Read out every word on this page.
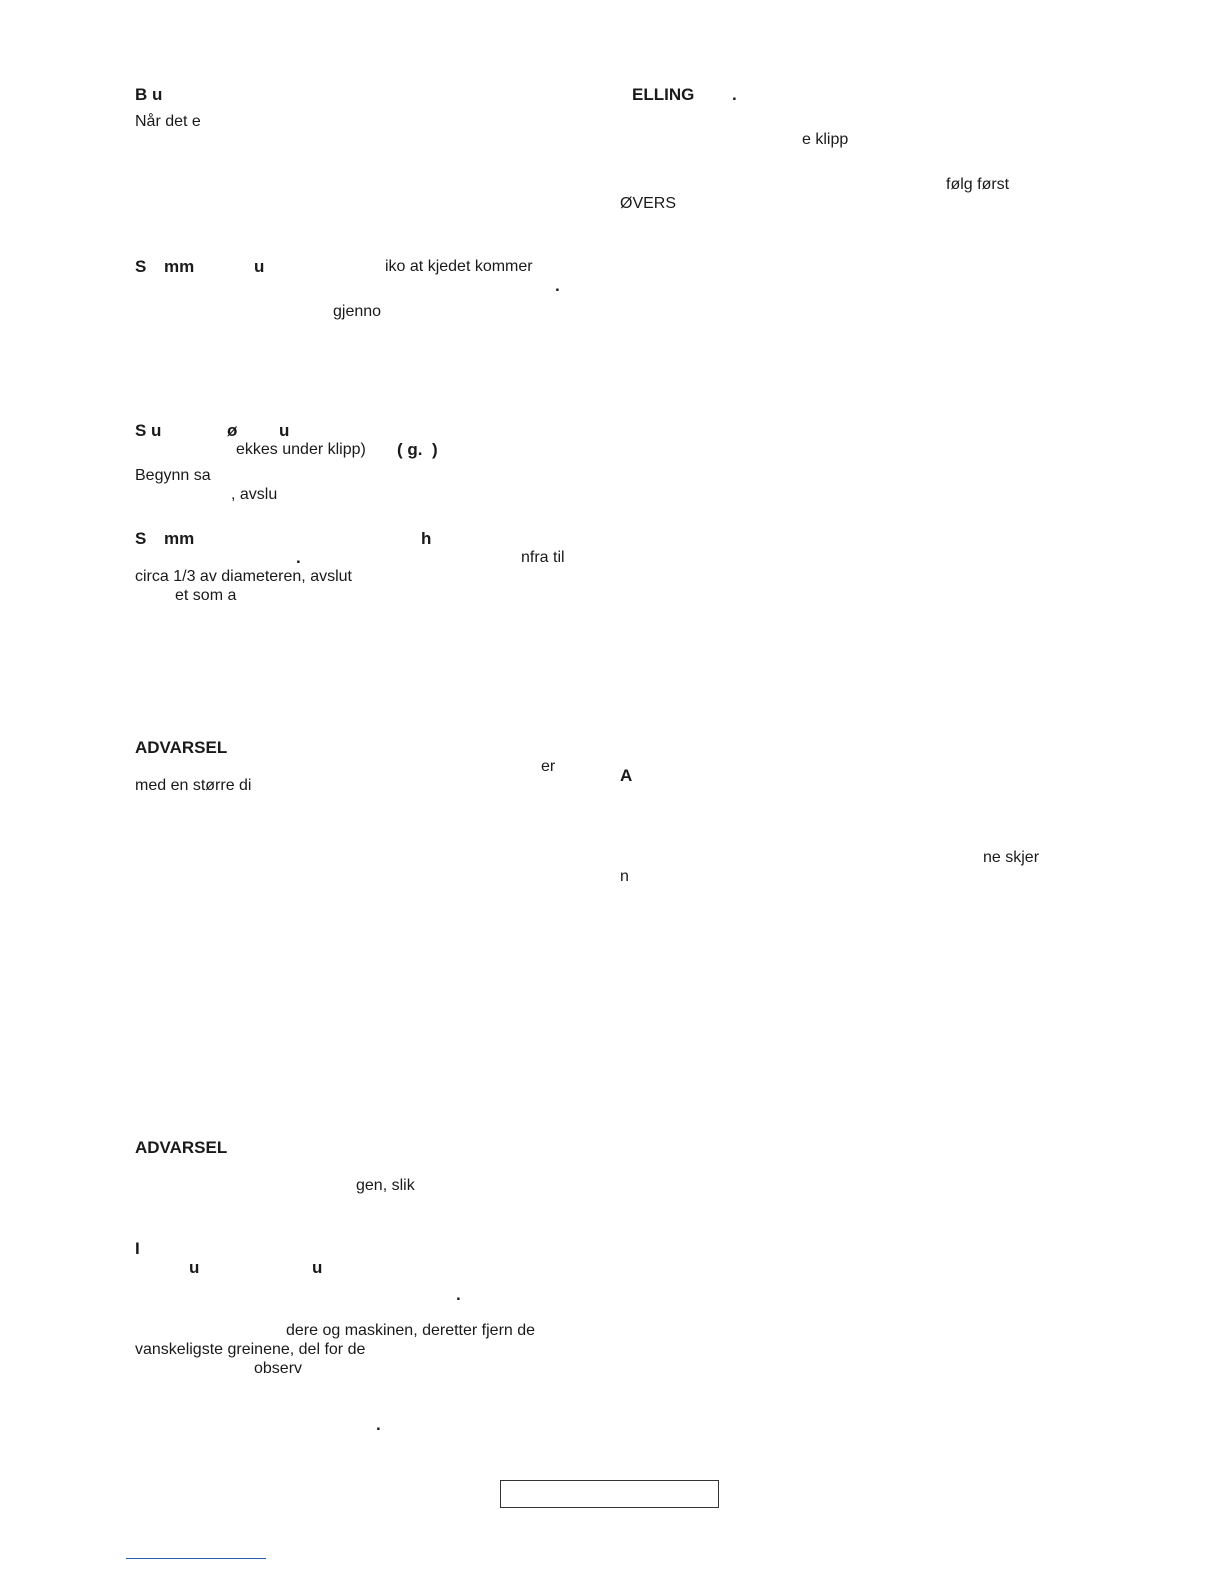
B u
Når det e
S mm	u	iko at kjedet kommer
.
gjenno
S u	ø u
ekkes under klipp) ( g.  )
Begynn sa
, avslu
S mm	h
.	nfra til
circa 1/3 av diameteren, avslut
et som a
ADVARSEL
er
med en større di
ADVARSEL
gen, slik
I
u	u
.
dere og maskinen, deretter fjern de
vanskeligste greinene, del for de
observ
.
ELLING .
e klipp
følg først
ØVERS
A
ne skjer
n
